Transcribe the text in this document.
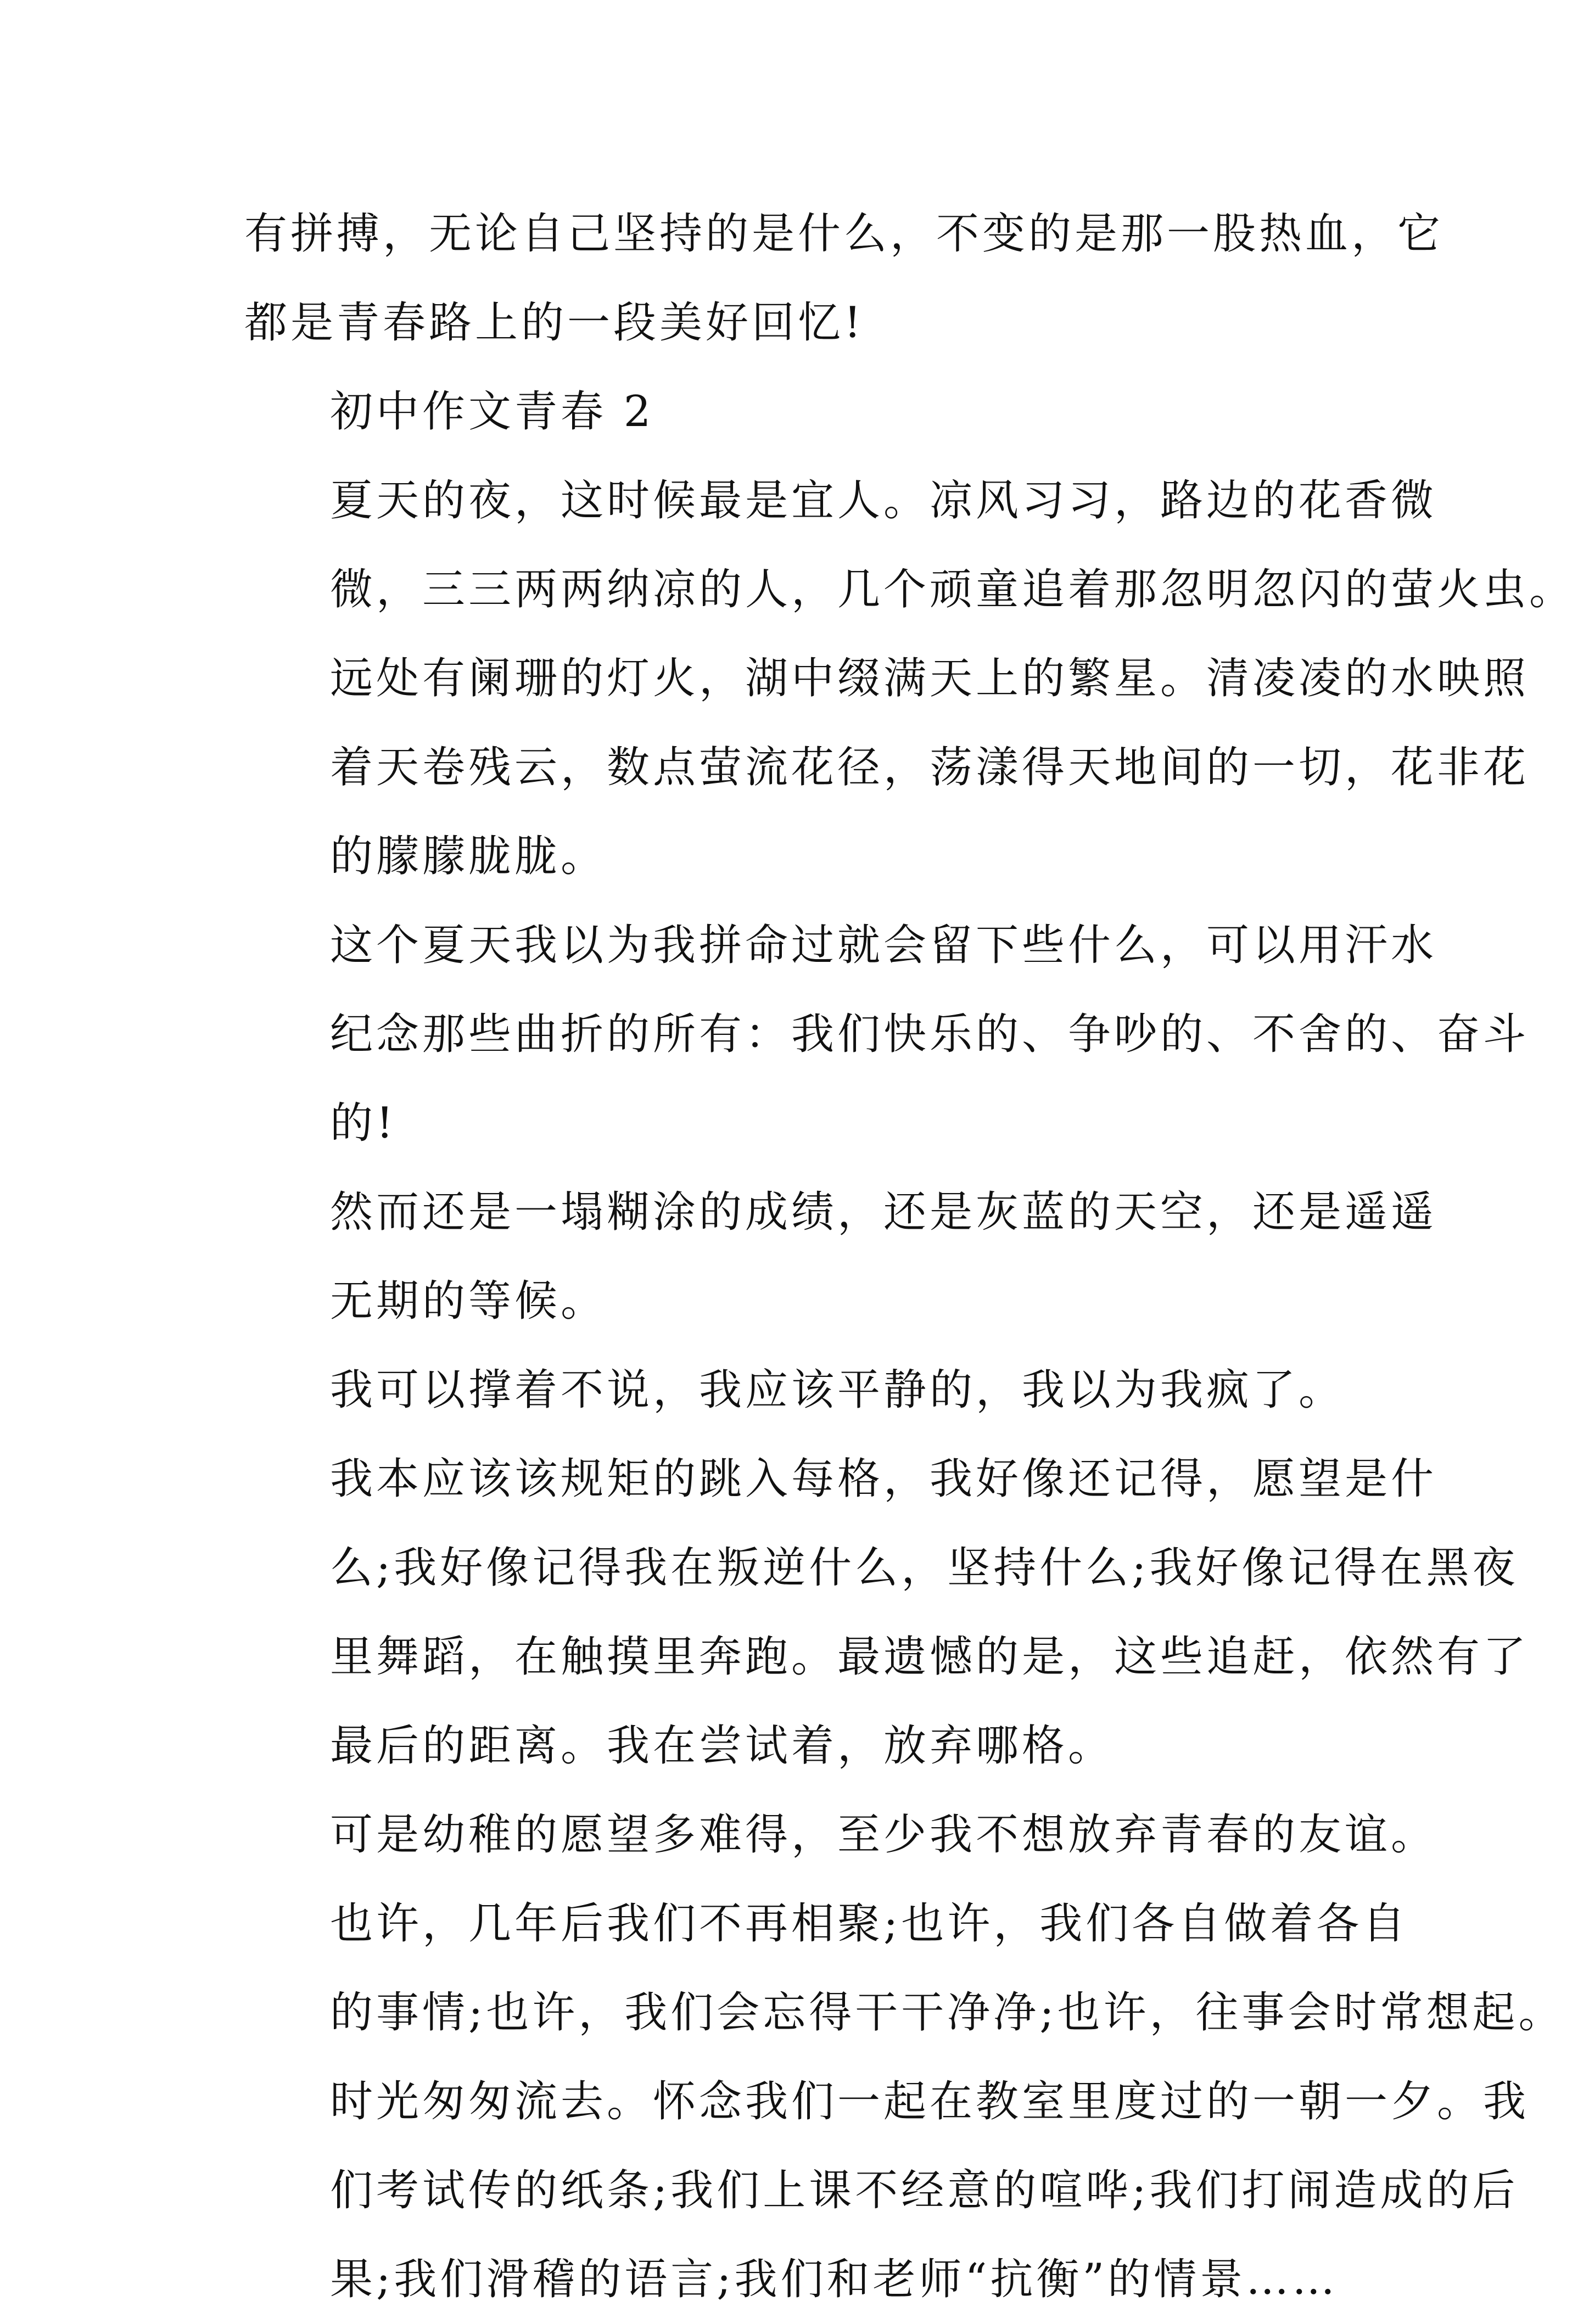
有拼搏，无论自己坚持的是什么，不变的是那一股热血，它
都是青春路上的一段美好回忆!

初中作文青春 2

夏天的夜，这时候最是宜人。凉风习习，路边的花香微
微，三三两两纳凉的人，几个顽童追着那忽明忽闪的萤火虫。
远处有阑珊的灯火，湖中缀满天上的繁星。清凌凌的水映照
着天卷残云，数点萤流花径，荡漾得天地间的一切，花非花
的朦朦胧胧。

这个夏天我以为我拼命过就会留下些什么，可以用汗水
纪念那些曲折的所有：我们快乐的、争吵的、不舍的、奋斗
的!

然而还是一塌糊涂的成绩，还是灰蓝的天空，还是遥遥
无期的等候。

我可以撑着不说，我应该平静的，我以为我疯了。

我本应该该规矩的跳入每格，我好像还记得，愿望是什
么;我好像记得我在叛逆什么，坚持什么;我好像记得在黑夜
里舞蹈，在触摸里奔跑。最遗憾的是，这些追赶，依然有了
最后的距离。我在尝试着，放弃哪格。

可是幼稚的愿望多难得，至少我不想放弃青春的友谊。

也许，几年后我们不再相聚;也许，我们各自做着各自
的事情;也许，我们会忘得干干净净;也许，往事会时常想起。
时光匆匆流去。怀念我们一起在教室里度过的一朝一夕。我
们考试传的纸条;我们上课不经意的喧哗;我们打闹造成的后
果;我们滑稽的语言;我们和老师“抗衡”的情景……
